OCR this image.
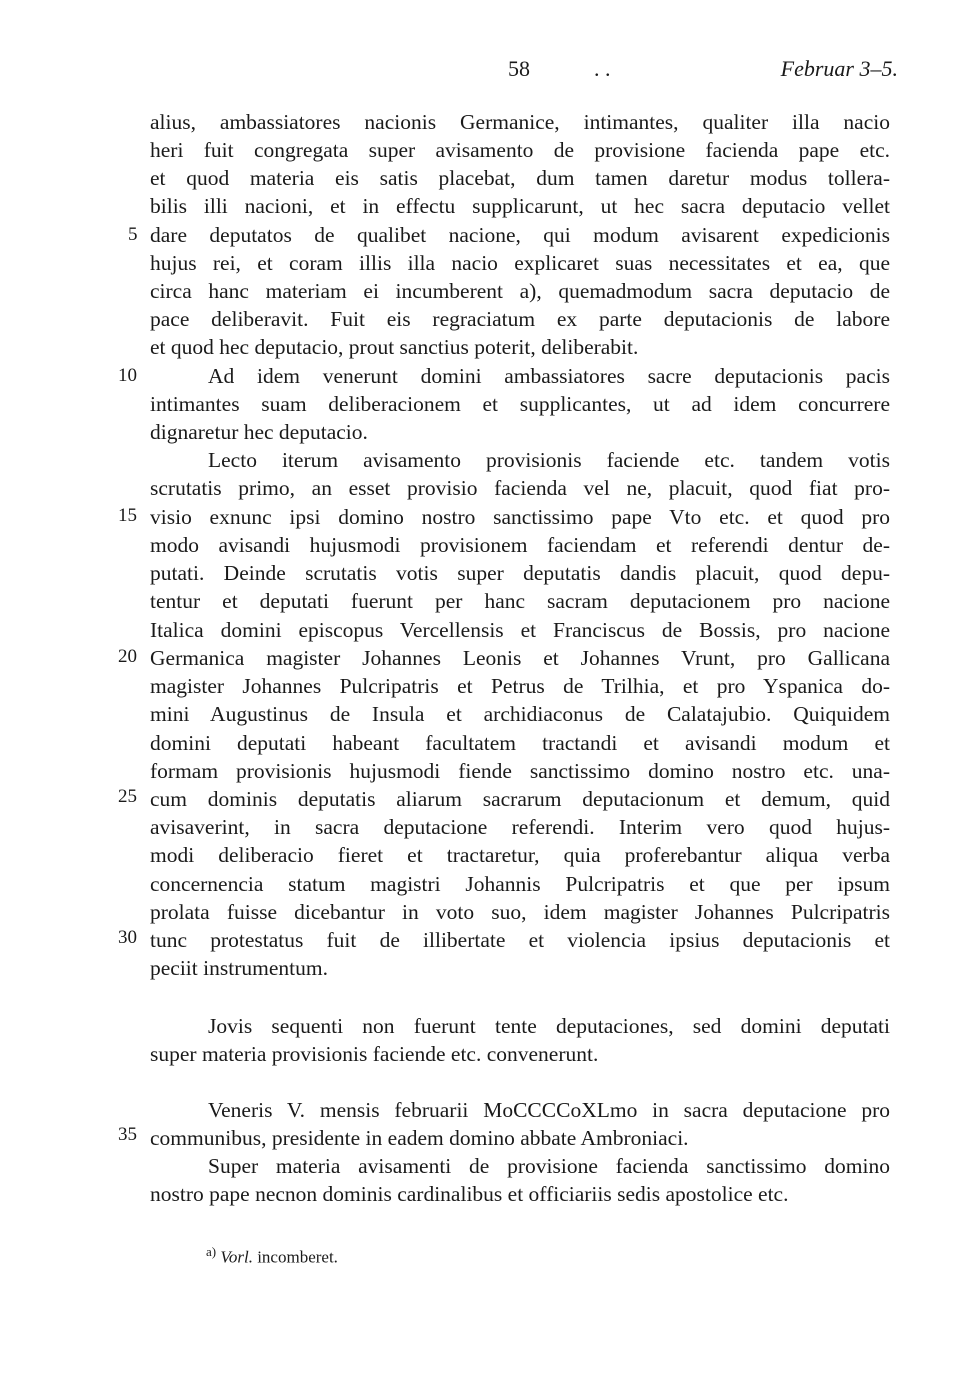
58	. .	Februar 3–5.
5
10
15
20
25
30
35
alius, ambassiatores nacionis Germanice, intimantes, qualiter illa nacio
heri fuit congregata super avisamento de provisione facienda pape etc.
et quod materia eis satis placebat, dum tamen daretur modus tollera-
bilis illi nacioni, et in effectu supplicarunt, ut hec sacra deputacio vellet
dare deputatos de qualibet nacione, qui modum avisarent expedicionis
hujus rei, et coram illis illa nacio explicaret suas necessitates et ea, que
circa hanc materiam ei incumberent a), quemadmodum sacra deputacio de
pace deliberavit. Fuit eis regraciatum ex parte deputacionis de labore
et quod hec deputacio, prout sanctius poterit, deliberabit.
Ad idem venerunt domini ambassiatores sacre deputacionis pacis
intimantes suam deliberacionem et supplicantes, ut ad idem concurrere
dignaretur hec deputacio.
Lecto iterum avisamento provisionis faciende etc. tandem votis
scrutatis primo, an esset provisio facienda vel ne, placuit, quod fiat pro-
visio exnunc ipsi domino nostro sanctissimo pape Vto etc. et quod pro
modo avisandi hujusmodi provisionem faciendam et referendi dentur de-
putati. Deinde scrutatis votis super deputatis dandis placuit, quod depu-
tentur et deputati fuerunt per hanc sacram deputacionem pro nacione
Italica domini episcopus Vercellensis et Franciscus de Bossis, pro nacione
Germanica magister Johannes Leonis et Johannes Vrunt, pro Gallicana
magister Johannes Pulcripatris et Petrus de Trilhia, et pro Yspanica do-
mini Augustinus de Insula et archidiaconus de Calatajubio. Quiquidem
domini deputati habeant facultatem tractandi et avisandi modum et
formam provisionis hujusmodi fiende sanctissimo domino nostro etc. una-
cum dominis deputatis aliarum sacrarum deputacionum et demum, quid
avisaverint, in sacra deputacione referendi. Interim vero quod hujus-
modi deliberacio fieret et tractaretur, quia proferebantur aliqua verba
concernencia statum magistri Johannis Pulcripatris et que per ipsum
prolata fuisse dicebantur in voto suo, idem magister Johannes Pulcripatris
tunc protestatus fuit de illibertate et violencia ipsius deputacionis et
peciit instrumentum.
Jovis sequenti non fuerunt tente deputaciones, sed domini deputati
super materia provisionis faciende etc. convenerunt.
Veneris V. mensis februarii MoCCCCoXLmo in sacra deputacione pro
communibus, presidente in eadem domino abbate Ambroniaci.
Super materia avisamenti de provisione facienda sanctissimo domino
nostro pape necnon dominis cardinalibus et officiariis sedis apostolice etc.
$^{a)}$ Vorl. incomberet.
